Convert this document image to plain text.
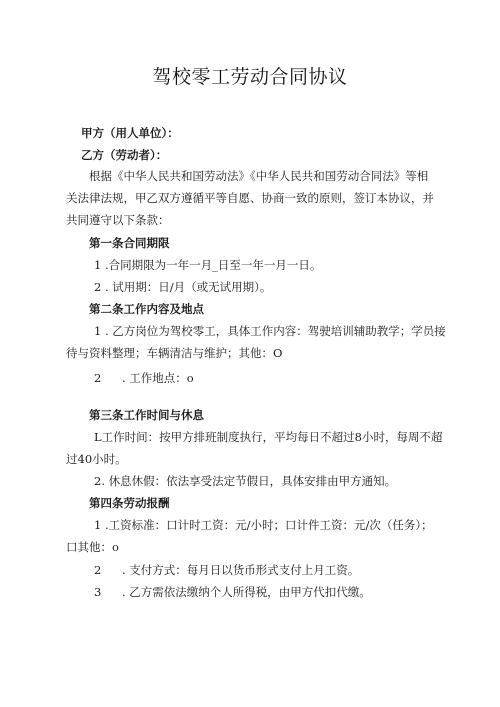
驾校零工劳动合同协议
甲方（用人单位）：
乙方（劳动者）：
根据《中华人民共和国劳动法》《中华人民共和国劳动合同法》等相
关法律法规，甲乙双方遵循平等自愿、协商一致的原则，签订本协议，并
共同遵守以下条款：
第一条合同期限
1 .合同期限为一年一月_日至一年一月一日。
2 . 试用期：日/月（或无试用期）。
第二条工作内容及地点
1 . 乙方岗位为驾校零工，具体工作内容：驾驶培训辅助教学；学员接
待与资料整理；车辆清洁与维护；其他：O
2 . 工作地点：o
第三条工作时间与休息
L工作时间：按甲方排班制度执行，平均每日不超过8小时，每周不超
过40小时。
2. 休息休假：依法享受法定节假日，具体安排由甲方通知。
第四条劳动报酬
1 .工资标准：口计时工资：元/小时；口计件工资：元/次（任务）；
口其他：o
2 . 支付方式：每月日以货币形式支付上月工资。
3 . 乙方需依法缴纳个人所得税，由甲方代扣代缴。
